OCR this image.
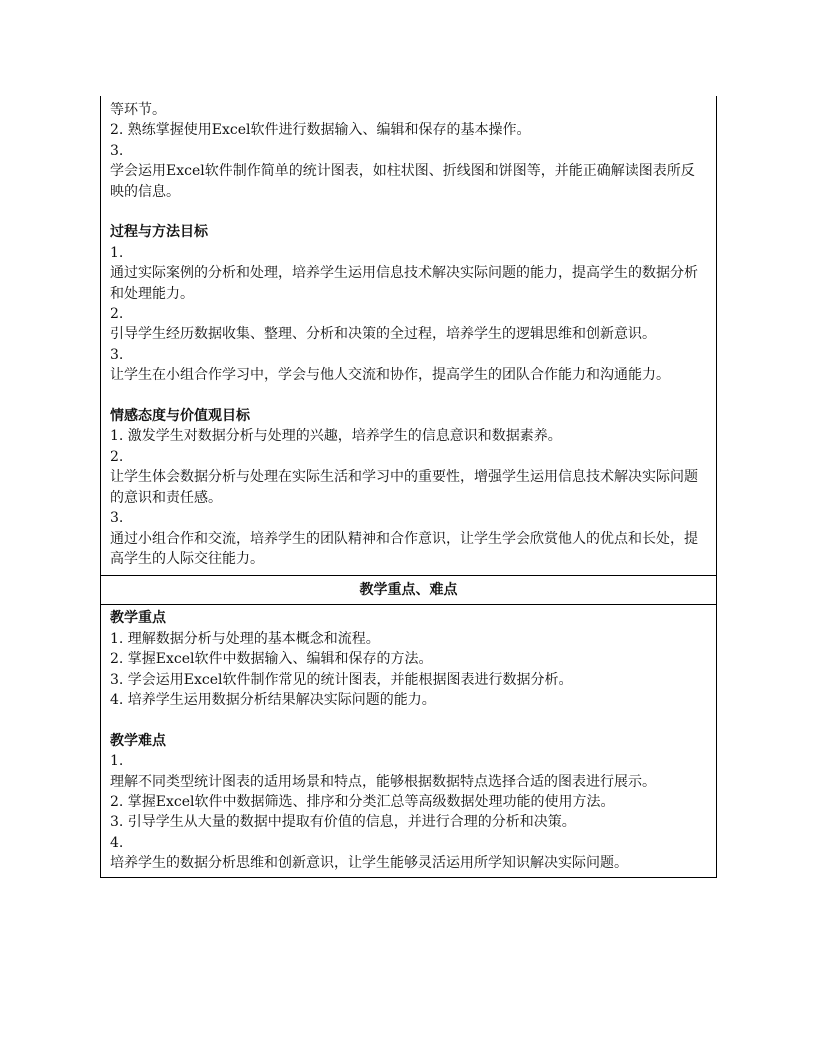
等环节。
2. 熟练掌握使用Excel软件进行数据输入、编辑和保存的基本操作。
3.
学会运用Excel软件制作简单的统计图表，如柱状图、折线图和饼图等，并能正确解读图表所反映的信息。
过程与方法目标
1.
通过实际案例的分析和处理，培养学生运用信息技术解决实际问题的能力，提高学生的数据分析和处理能力。
2.
引导学生经历数据收集、整理、分析和决策的全过程，培养学生的逻辑思维和创新意识。
3.
让学生在小组合作学习中，学会与他人交流和协作，提高学生的团队合作能力和沟通能力。
情感态度与价值观目标
1. 激发学生对数据分析与处理的兴趣，培养学生的信息意识和数据素养。
2.
让学生体会数据分析与处理在实际生活和学习中的重要性，增强学生运用信息技术解决实际问题的意识和责任感。
3.
通过小组合作和交流，培养学生的团队精神和合作意识，让学生学会欣赏他人的优点和长处，提高学生的人际交往能力。
教学重点、难点
教学重点
1. 理解数据分析与处理的基本概念和流程。
2. 掌握Excel软件中数据输入、编辑和保存的方法。
3. 学会运用Excel软件制作常见的统计图表，并能根据图表进行数据分析。
4. 培养学生运用数据分析结果解决实际问题的能力。
教学难点
1.
理解不同类型统计图表的适用场景和特点，能够根据数据特点选择合适的图表进行展示。
2. 掌握Excel软件中数据筛选、排序和分类汇总等高级数据处理功能的使用方法。
3. 引导学生从大量的数据中提取有价值的信息，并进行合理的分析和决策。
4.
培养学生的数据分析思维和创新意识，让学生能够灵活运用所学知识解决实际问题。
